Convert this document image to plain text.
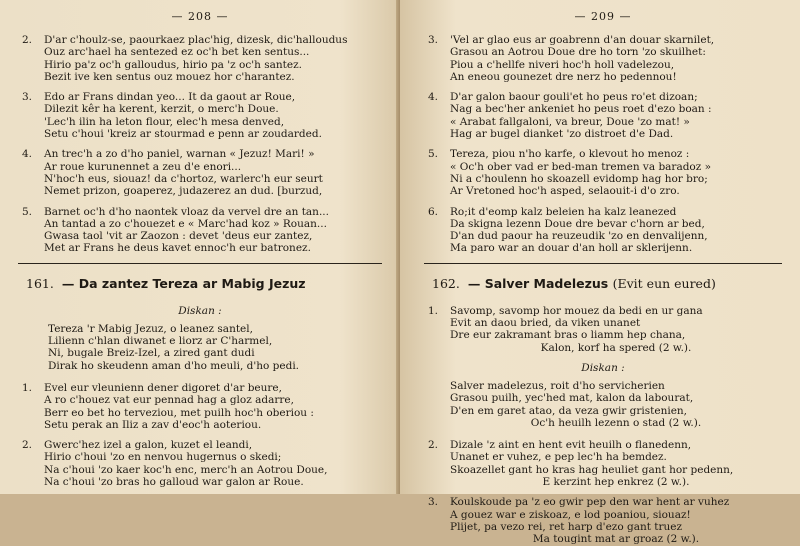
— 208 —
2. D'ar c'houlz-se, paourkaez plac'hig, dizesk, dic'halloudus
Ouz arc'hael ha sentezed ez oc'h bet ken sentus...
Hirio pa'z oc'h galloudus, hirio pa 'z oc'h santez.
Bezit ive ken sentus ouz mouez hor c'harantez.
3. Edo ar Frans dindan yeo... It da gaout ar Roue,
Dilezit kêr ha kerent, kerzit, o merc'h Doue.
'Lec'h ilin ha leton flour, elec'h mesa denved,
Setu c'houi 'kreiz ar stourmad e penn ar zoudarded.
4. An trec'h a zo d'ho paniel, warnan « Jezuz! Mari! »
Ar roue kurunennet a zeu d'e enori...
N'hoc'h eus, siouaz! da c'hortoz, warlerc'h eur seurt
Nemet prizon, goaperez, judazerez an dud. [burzud,
5. Barnet oc'h d'ho naontek vloaz da vervel dre an tan...
An tantad a zo c'houezet e « Marc'had koz » Rouan...
Gwasa taol 'vit ar Zaozon : devet 'deus eur zantez,
Met ar Frans he deus kavet ennoc'h eur batronez.
161. — Da zantez Tereza ar Mabig Jezuz
Diskan :
Tereza 'r Mabig Jezuz, o leanez santel,
Lilienn c'hlan diwanet e liorz ar C'harmel,
Ni, bugale Breiz-Izel, a zired gant dudi
Dirak ho skeudenn aman d'ho meuli, d'ho pedi.
1. Evel eur vleunienn dener digoret d'ar beure,
A ro c'houez vat eur pennad hag a gloz adarre,
Berr eo bet ho terveziou, met puilh hoc'h oberiou :
Setu perak an Iliz a zav d'eoc'h aoteriou.
2. Gwerc'hez izel a galon, kuzet el leandi,
Hirio c'houi 'zo en nenvou hugernus o skedi;
Na c'houi 'zo kaer koc'h enc, merc'h an Aotrou Doue,
Na c'houi 'zo bras ho galloud war galon ar Roue.
— 209 —
3. 'Vel ar glao eus ar goabrenn d'an douar skarnilet,
Grasou an Aotrou Doue dre ho torn 'zo skuilhet:
Piou a c'hellfe niveri hoc'h holl vadelezou,
An eneou gounezet dre nerz ho pedennou!
4. D'ar galon baour gouli'et ho peus ro'et dizoan;
Nag a bec'her ankeniet ho peus roet d'ezo boan :
« Arabat fallgaloni, va breur, Doue 'zo mat! »
Hag ar bugel dianket 'zo distroet d'e Dad.
5. Tereza, piou n'ho karfe, o klevout ho menoz :
« Oc'h ober vad er bed-man tremen va baradoz »
Ni a c'houlenn ho skoazell evidomp hag hor bro;
Ar Vretoned hoc'h asped, selaouit-i d'o zro.
6. Ro;it d'eomp kalz beleien ha kalz leanezed
Da skigna lezenn Doue dre bevar c'horn ar bed,
D'an dud paour ha reuzeudik 'zo en denvalijenn,
Ma paro war an douar d'an holl ar sklerijenn.
162. — Salver Madelezus (Evit eun eured)
1. Savomp, savomp hor mouez da bedi en ur gana
Evit an daou bried, da viken unanet
Dre eur zakramant bras o liamm hep chana,
Kalon, korf ha spered (2 w.).
Diskan :
Salver madelezus, roit d'ho servicherien
Grasou puilh, yec'hed mat, kalon da labourat,
D'en em garet atao, da veza gwir gristenien,
Oc'h heuilh lezenn o stad (2 w.).
2. Dizale 'z aint en hent evit heuilh o flanedenn,
Unanet er vuhez, e pep lec'h ha bemdez.
Skoazellet gant ho kras hag heuliet gant hor pedenn,
E kerzint hep enkrez (2 w.).
3. Koulskoude pa 'z eo gwir pep den war hent ar vuhez
A gouez war e ziskoaz, e lod poaniou, siouaz!
Plijet, pa vezo rei, ret harp d'ezo gant truez
Ma tougint mat ar groaz (2 w.).
